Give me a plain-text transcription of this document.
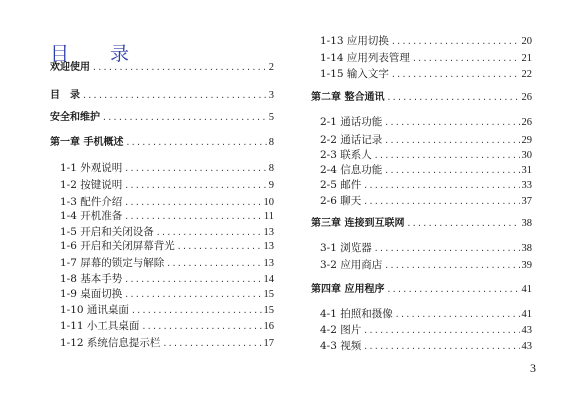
目　录
欢迎使用 .....	2
目　录 .....	3
安全和维护 .....	5
第一章 手机概述 .....	8
1-1 外观说明 .....	8
1-2 按键说明 .....	9
1-3 配件介绍 .....	10
1-4 开机准备 .....	11
1-5 开启和关闭设备 .....	13
1-6 开启和关闭屏幕背光 .....	13
1-7 屏幕的锁定与解除 .....	13
1-8 基本手势 .....	14
1-9 桌面切换 .....	15
1-10 通讯桌面 .....	15
1-11 小工具桌面 .....	16
1-12 系统信息提示栏 .....	17
1-13 应用切换 .....	20
1-14 应用列表管理 .....	21
1-15 输入文字 .....	22
第二章 整合通讯 .....	26
2-1 通话功能 .....	26
2-2 通话记录 .....	29
2-3 联系人 .....	30
2-4 信息功能 .....	31
2-5 邮件 .....	33
2-6 聊天 .....	37
第三章 连接到互联网 .....	38
3-1 浏览器 .....	38
3-2 应用商店 .....	39
第四章 应用程序 .....	41
4-1 拍照和摄像 .....	41
4-2 图片 .....	43
4-3 视频 .....	43
3
